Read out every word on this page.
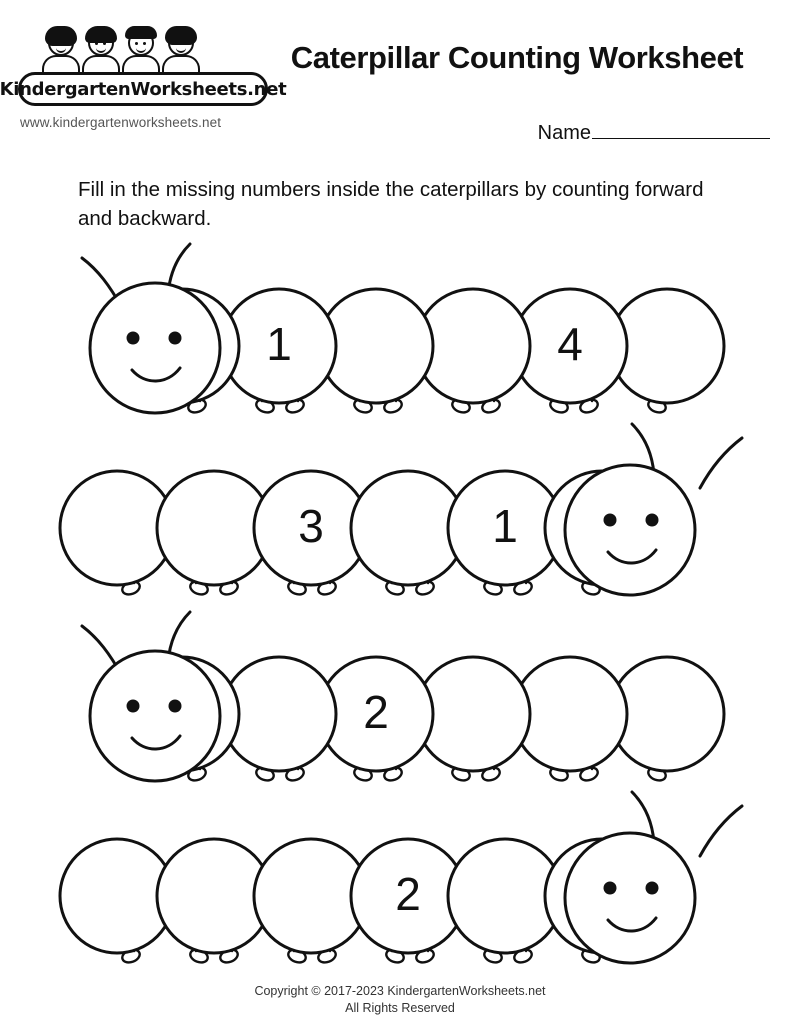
KindergartenWorksheets.net
www.kindergartenworksheets.net
Caterpillar Counting Worksheet
Name
Fill in the missing numbers inside the caterpillars by counting forward and backward.
1	4
3	1
2
2
Copyright © 2017-2023 KindergartenWorksheets.net
All Rights Reserved
